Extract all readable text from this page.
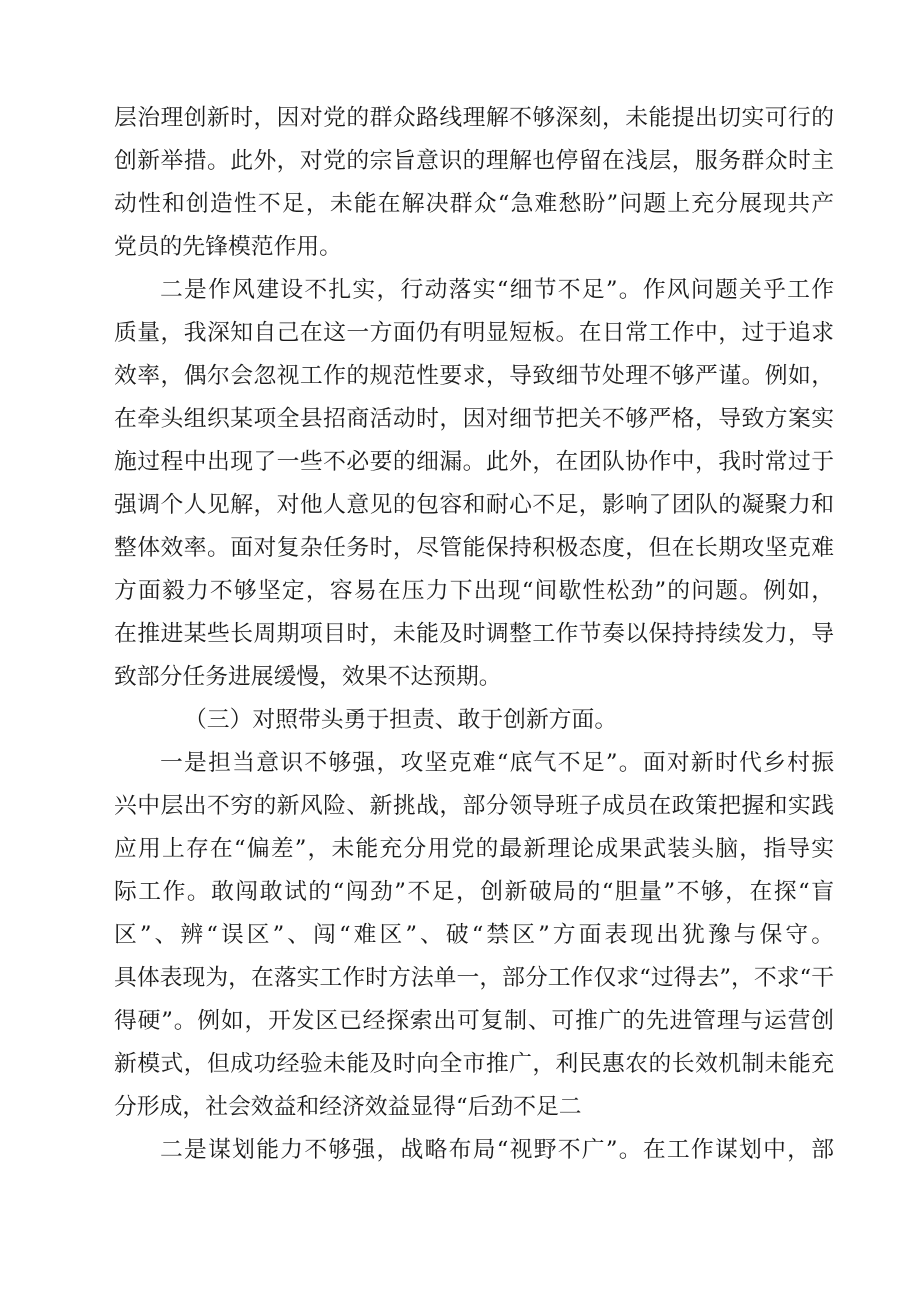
层治理创新时，因对党的群众路线理解不够深刻，未能提出切实可行的
创新举措。此外，对党的宗旨意识的理解也停留在浅层，服务群众时主
动性和创造性不足，未能在解决群众“急难愁盼”问题上充分展现共产
党员的先锋模范作用。
二是作风建设不扎实，行动落实“细节不足”。作风问题关乎工作
质量，我深知自己在这一方面仍有明显短板。在日常工作中，过于追求
效率，偶尔会忽视工作的规范性要求，导致细节处理不够严谨。例如，
在牵头组织某项全县招商活动时，因对细节把关不够严格，导致方案实
施过程中出现了一些不必要的细漏。此外，在团队协作中，我时常过于
强调个人见解，对他人意见的包容和耐心不足，影响了团队的凝聚力和
整体效率。面对复杂任务时，尽管能保持积极态度，但在长期攻坚克难
方面毅力不够坚定，容易在压力下出现“间歇性松劲”的问题。例如，
在推进某些长周期项目时，未能及时调整工作节奏以保持持续发力，导
致部分任务进展缓慢，效果不达预期。
（三）对照带头勇于担责、敢于创新方面。
一是担当意识不够强，攻坚克难“底气不足”。面对新时代乡村振
兴中层出不穷的新风险、新挑战，部分领导班子成员在政策把握和实践
应用上存在“偏差”，未能充分用党的最新理论成果武装头脑，指导实
际工作。敢闯敢试的“闯劲”不足，创新破局的“胆量”不够，在探“盲
区”、辨“误区”、闯“难区”、破“禁区”方面表现出犹豫与保守。
具体表现为，在落实工作时方法单一，部分工作仅求“过得去”，不求“干
得硬”。例如，开发区已经探索出可复制、可推广的先进管理与运营创
新模式，但成功经验未能及时向全市推广，利民惠农的长效机制未能充
分形成，社会效益和经济效益显得“后劲不足二
二是谋划能力不够强，战略布局“视野不广”。在工作谋划中，部
